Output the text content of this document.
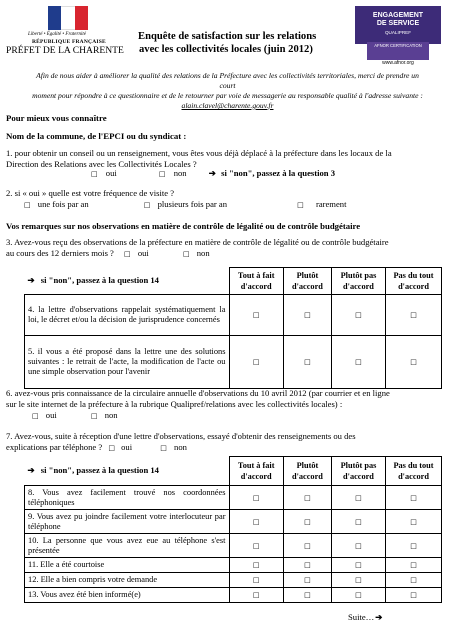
Liberté • Égalité • Fraternité
RÉPUBLIQUE FRANÇAISE
PRÉFET DE LA CHARENTE
Enquête de satisfaction sur les relations
avec les collectivités locales (juin 2012)
ENGAGEMENT
DE SERVICE
QUALIPREF
AFNOR CERTIFICATION
www.afnor.org
Afin de nous aider à améliorer la qualité des relations de la Préfecture avec les collectivités territoriales, merci de prendre un court
moment pour répondre à ce questionnaire et de le retourner par voie de messagerie au responsable qualité à l'adresse suivante :
alain.clavel@charente.gouv.fr
Pour mieux vous connaître
Nom de la commune, de l'EPCI ou du syndicat :
1. pour obtenir un conseil ou un renseignement, vous êtes vous déjà déplacé à la préfecture dans les locaux de la
Direction des Relations avec les Collectivités Locales ?
□ oui	□ non	➔ si "non", passez à la question 3
2. si « oui » quelle est votre fréquence de visite ?
□ une fois par an	□ plusieurs fois par an	□ rarement
Vos remarques sur nos observations en matière de contrôle de légalité ou de contrôle budgétaire
3. Avez-vous reçu des observations de la préfecture en matière de contrôle de légalité ou de contrôle budgétaire
au cours des 12 derniers mois ? □ oui	□ non
➔ si "non", passez à la question 14	Tout à fait d'accord	Plutôt d'accord	Plutôt pas d'accord	Pas du tout d'accord
4. la lettre d'observations rappelait systématiquement la loi, le décret et/ou la décision de jurisprudence concernés	□	□	□	□
5. il vous a été proposé dans la lettre une des solutions suivantes : le retrait de l'acte, la modification de l'acte ou une simple observation pour l'avenir	□	□	□	□
6. avez-vous pris connaissance de la circulaire annuelle d'observations du 10 avril 2012 (par courrier et en ligne
sur le site internet de la préfecture à la rubrique Qualipref/relations avec les collectivités locales) :
□ oui	□ non
7. Avez-vous, suite à réception d'une lettre d'observations, essayé d'obtenir des renseignements ou des
explications par téléphone ? □ oui	□ non
➔ si "non", passez à la question 14	Tout à fait d'accord	Plutôt d'accord	Plutôt pas d'accord	Pas du tout d'accord
8. Vous avez facilement trouvé nos coordonnées téléphoniques	□	□	□	□
9. Vous avez pu joindre facilement votre interlocuteur par téléphone	□	□	□	□
10. La personne que vous avez eue au téléphone s'est présentée	□	□	□	□
11. Elle a été courtoise	□	□	□	□
12. Elle a bien compris votre demande	□	□	□	□
13. Vous avez été bien informé(e)	□	□	□	□
Suite…➔
